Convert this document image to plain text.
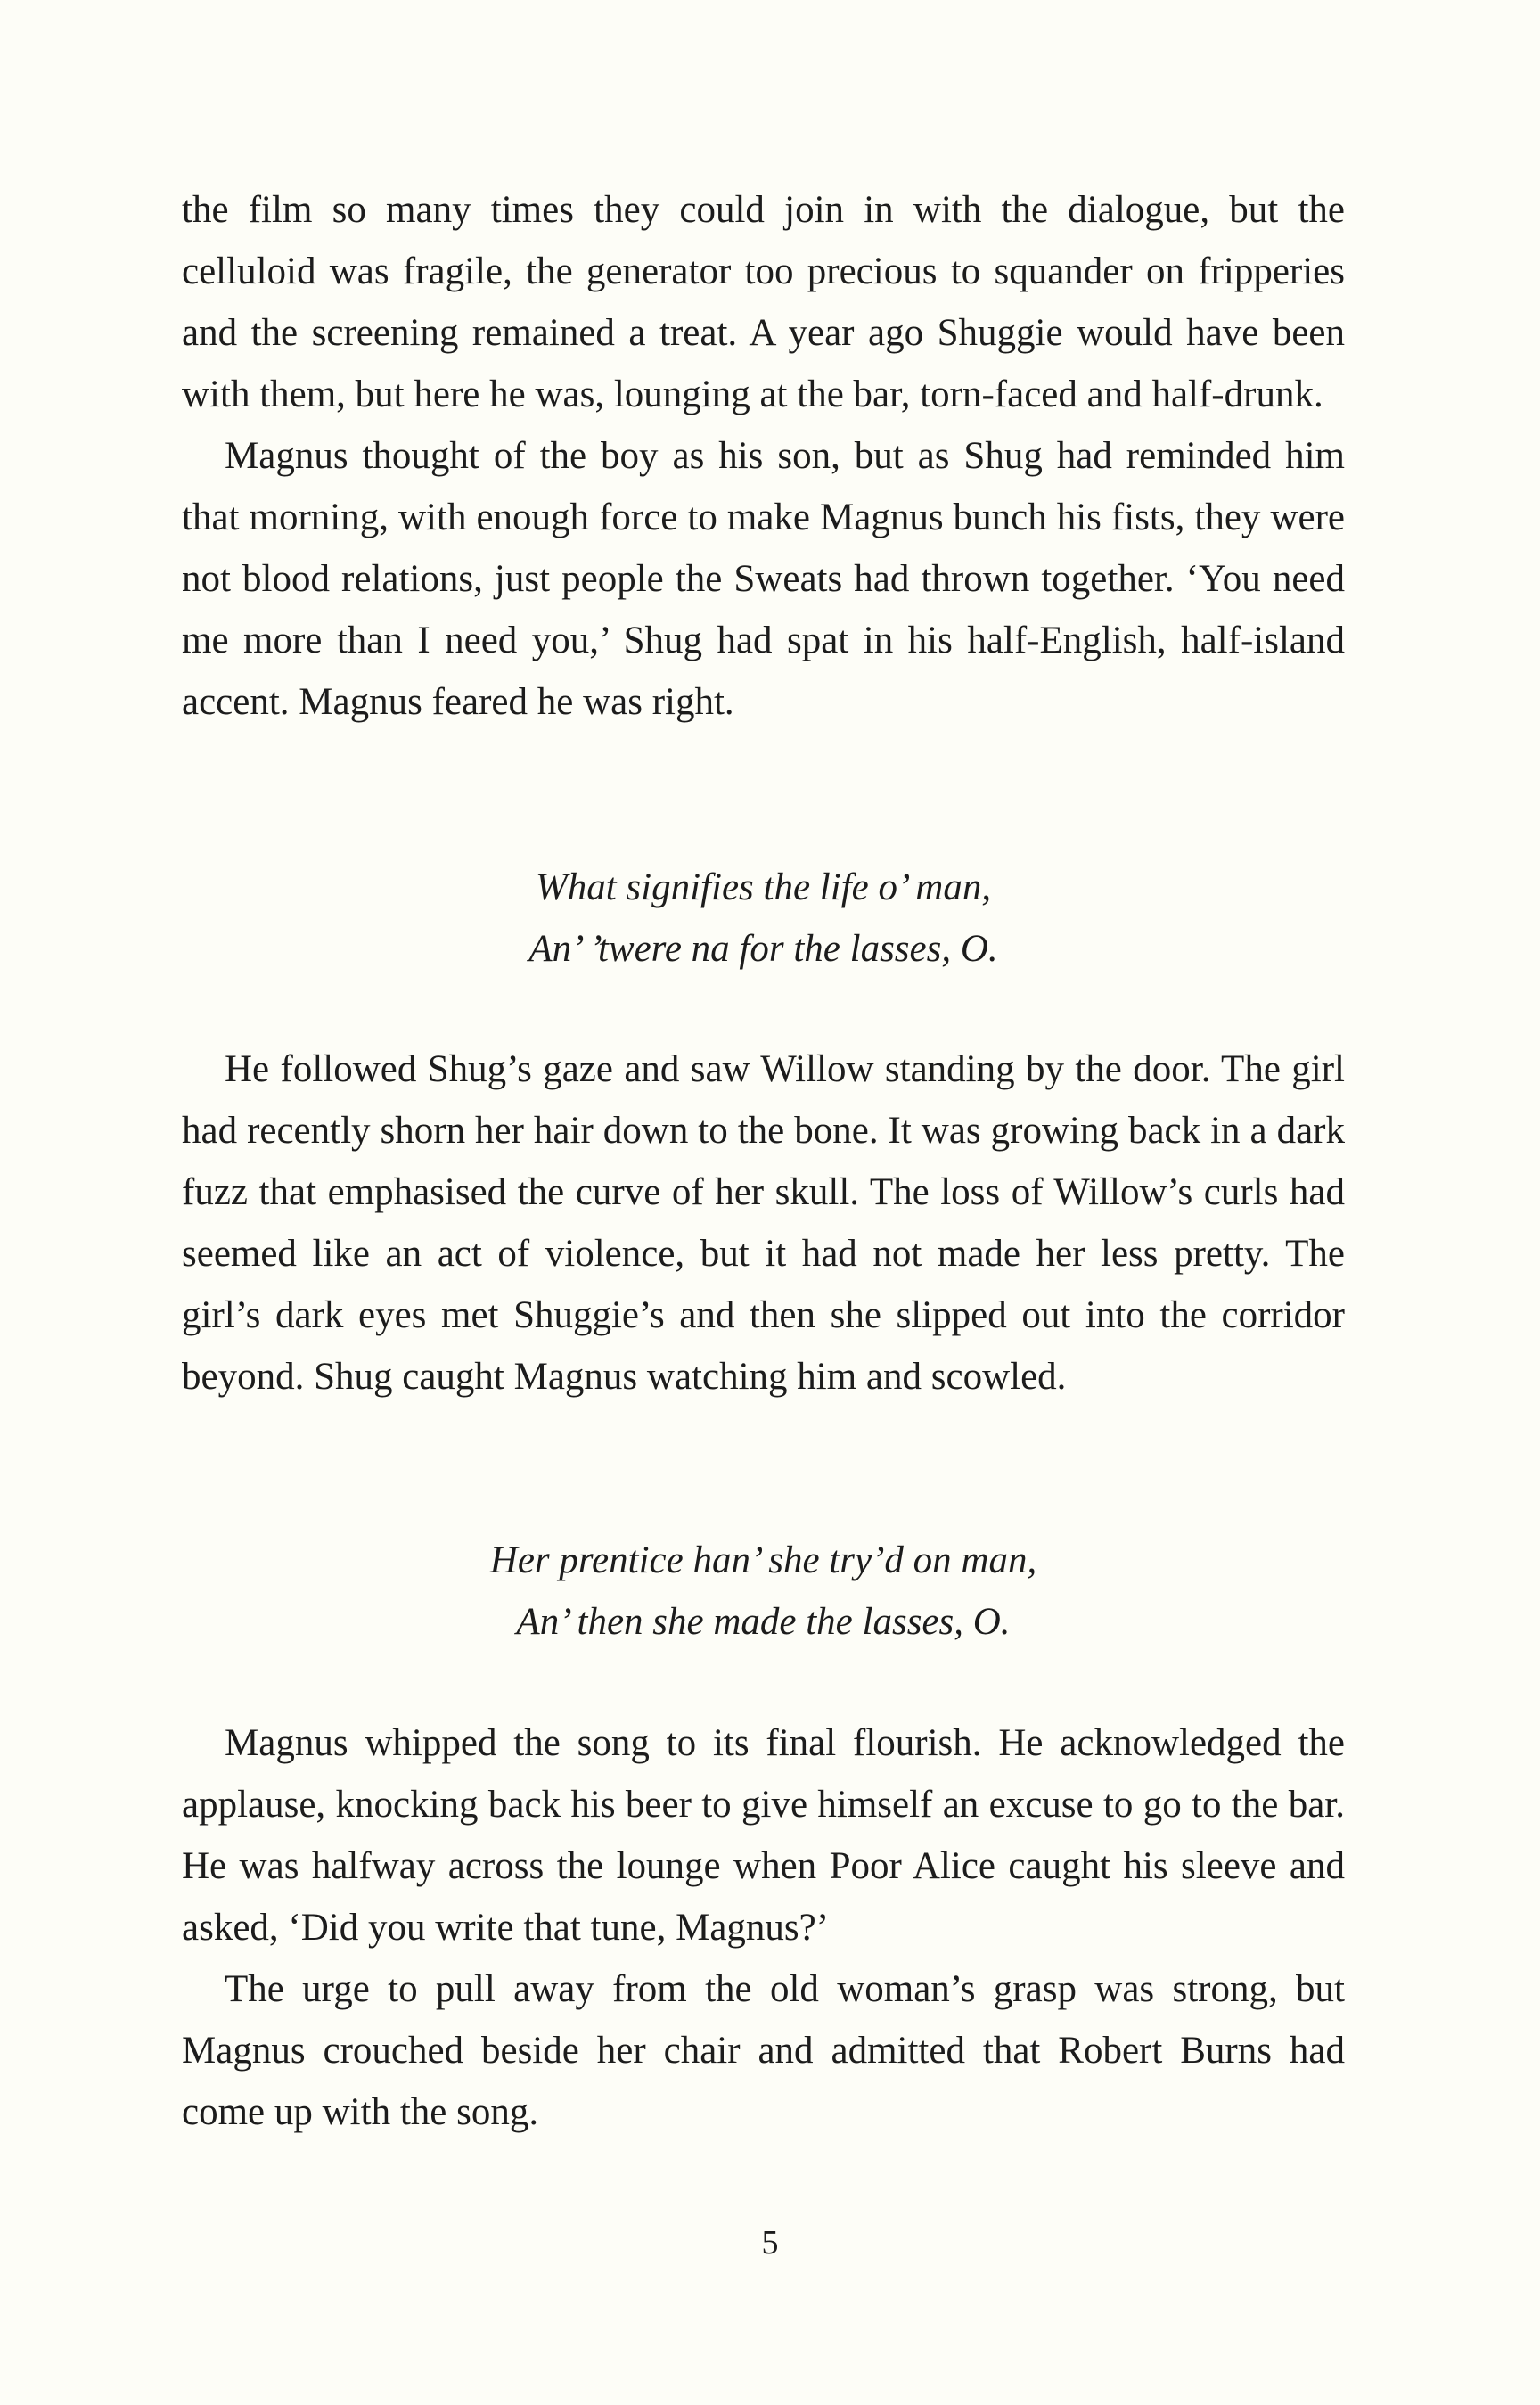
the film so many times they could join in with the dialogue, but the celluloid was fragile, the generator too precious to squander on fripperies and the screening remained a treat. A year ago Shuggie would have been with them, but here he was, lounging at the bar, torn-faced and half-drunk.

Magnus thought of the boy as his son, but as Shug had reminded him that morning, with enough force to make Magnus bunch his fists, they were not blood relations, just people the Sweats had thrown together. ‘You need me more than I need you,’ Shug had spat in his half-English, half-island accent. Magnus feared he was right.

What signifies the life o’ man,
An’ ’twere na for the lasses, O.

He followed Shug’s gaze and saw Willow standing by the door. The girl had recently shorn her hair down to the bone. It was growing back in a dark fuzz that emphasised the curve of her skull. The loss of Willow’s curls had seemed like an act of violence, but it had not made her less pretty. The girl’s dark eyes met Shuggie’s and then she slipped out into the corridor beyond. Shug caught Magnus watching him and scowled.

Her prentice han’ she try’d on man,
An’ then she made the lasses, O.

Magnus whipped the song to its final flourish. He acknowledged the applause, knocking back his beer to give himself an excuse to go to the bar. He was halfway across the lounge when Poor Alice caught his sleeve and asked, ‘Did you write that tune, Magnus?’

The urge to pull away from the old woman’s grasp was strong, but Magnus crouched beside her chair and admitted that Robert Burns had come up with the song.

5
